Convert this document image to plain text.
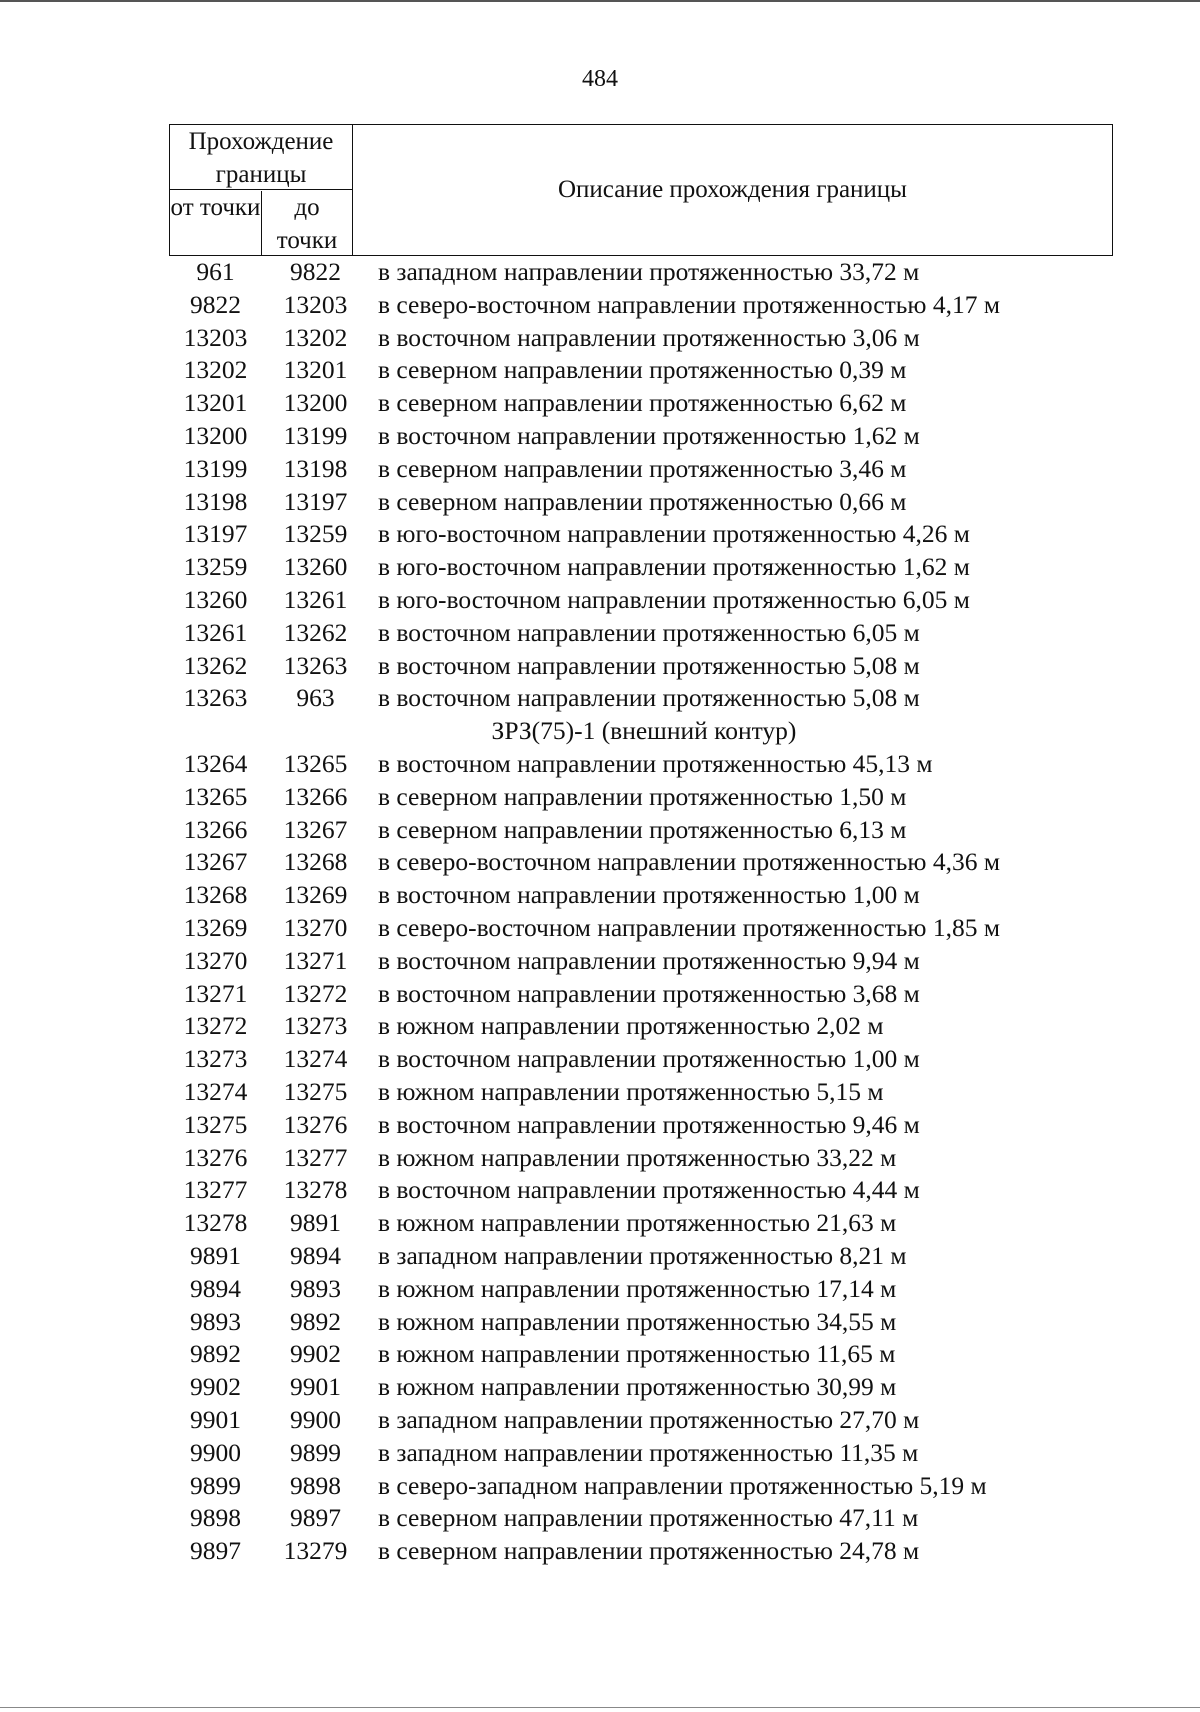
484
Прохождение границы
от точки	до точки
Описание прохождения границы
961	9822	в западном направлении протяженностью 33,72 м
9822	13203	в северо-восточном направлении протяженностью 4,17 м
13203	13202	в восточном направлении протяженностью 3,06 м
13202	13201	в северном направлении протяженностью 0,39 м
13201	13200	в северном направлении протяженностью 6,62 м
13200	13199	в восточном направлении протяженностью 1,62 м
13199	13198	в северном направлении протяженностью 3,46 м
13198	13197	в северном направлении протяженностью 0,66 м
13197	13259	в юго-восточном направлении протяженностью 4,26 м
13259	13260	в юго-восточном направлении протяженностью 1,62 м
13260	13261	в юго-восточном направлении протяженностью 6,05 м
13261	13262	в восточном направлении протяженностью 6,05 м
13262	13263	в восточном направлении протяженностью 5,08 м
13263	963	в восточном направлении протяженностью 5,08 м
ЗРЗ(75)-1 (внешний контур)
13264	13265	в восточном направлении протяженностью 45,13 м
13265	13266	в северном направлении протяженностью 1,50 м
13266	13267	в северном направлении протяженностью 6,13 м
13267	13268	в северо-восточном направлении протяженностью 4,36 м
13268	13269	в восточном направлении протяженностью 1,00 м
13269	13270	в северо-восточном направлении протяженностью 1,85 м
13270	13271	в восточном направлении протяженностью 9,94 м
13271	13272	в восточном направлении протяженностью 3,68 м
13272	13273	в южном направлении протяженностью 2,02 м
13273	13274	в восточном направлении протяженностью 1,00 м
13274	13275	в южном направлении протяженностью 5,15 м
13275	13276	в восточном направлении протяженностью 9,46 м
13276	13277	в южном направлении протяженностью 33,22 м
13277	13278	в восточном направлении протяженностью 4,44 м
13278	9891	в южном направлении протяженностью 21,63 м
9891	9894	в западном направлении протяженностью 8,21 м
9894	9893	в южном направлении протяженностью 17,14 м
9893	9892	в южном направлении протяженностью 34,55 м
9892	9902	в южном направлении протяженностью 11,65 м
9902	9901	в южном направлении протяженностью 30,99 м
9901	9900	в западном направлении протяженностью 27,70 м
9900	9899	в западном направлении протяженностью 11,35 м
9899	9898	в северо-западном направлении протяженностью 5,19 м
9898	9897	в северном направлении протяженностью 47,11 м
9897	13279	в северном направлении протяженностью 24,78 м
